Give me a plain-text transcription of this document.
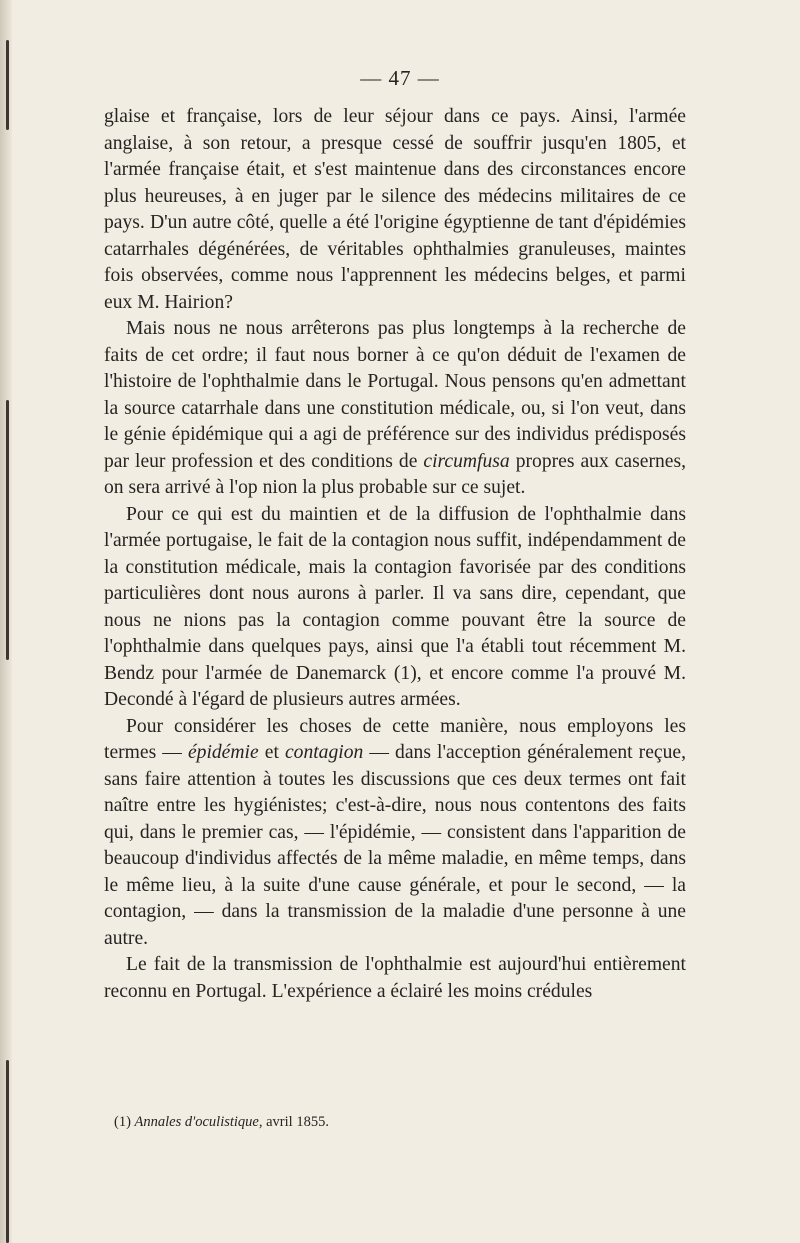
— 47 —

glaise et française, lors de leur séjour dans ce pays. Ainsi, l'armée anglaise, à son retour, a presque cessé de souffrir jusqu'en 1805, et l'armée française était, et s'est maintenue dans des circonstances encore plus heureuses, à en juger par le silence des médecins militaires de ce pays. D'un autre côté, quelle a été l'origine égyptienne de tant d'épidémies catarrhales dégénérées, de véritables ophthalmies granuleuses, maintes fois observées, comme nous l'apprennent les médecins belges, et parmi eux M. Hairion?

Mais nous ne nous arrêterons pas plus longtemps à la recherche de faits de cet ordre; il faut nous borner à ce qu'on déduit de l'examen de l'histoire de l'ophthalmie dans le Portugal. Nous pensons qu'en admettant la source catarrhale dans une constitution médicale, ou, si l'on veut, dans le génie épidémique qui a agi de préférence sur des individus prédisposés par leur profession et des conditions de circumfusa propres aux casernes, on sera arrivé à l'op nion la plus probable sur ce sujet.

Pour ce qui est du maintien et de la diffusion de l'ophthalmie dans l'armée portugaise, le fait de la contagion nous suffit, indépendamment de la constitution médicale, mais la contagion favorisée par des conditions particulières dont nous aurons à parler. Il va sans dire, cependant, que nous ne nions pas la contagion comme pouvant être la source de l'ophthalmie dans quelques pays, ainsi que l'a établi tout récemment M. Bendz pour l'armée de Danemarck (1), et encore comme l'a prouvé M. Decondé à l'égard de plusieurs autres armées.

Pour considérer les choses de cette manière, nous employons les termes — épidémie et contagion — dans l'acception généralement reçue, sans faire attention à toutes les discussions que ces deux termes ont fait naître entre les hygiénistes; c'est-à-dire, nous nous contentons des faits qui, dans le premier cas, — l'épidémie, — consistent dans l'apparition de beaucoup d'individus affectés de la même maladie, en même temps, dans le même lieu, à la suite d'une cause générale, et pour le second, — la contagion, — dans la transmission de la maladie d'une personne à une autre.

Le fait de la transmission de l'ophthalmie est aujourd'hui entièrement reconnu en Portugal. L'expérience a éclairé les moins crédules

(1) Annales d'oculistique, avril 1855.
